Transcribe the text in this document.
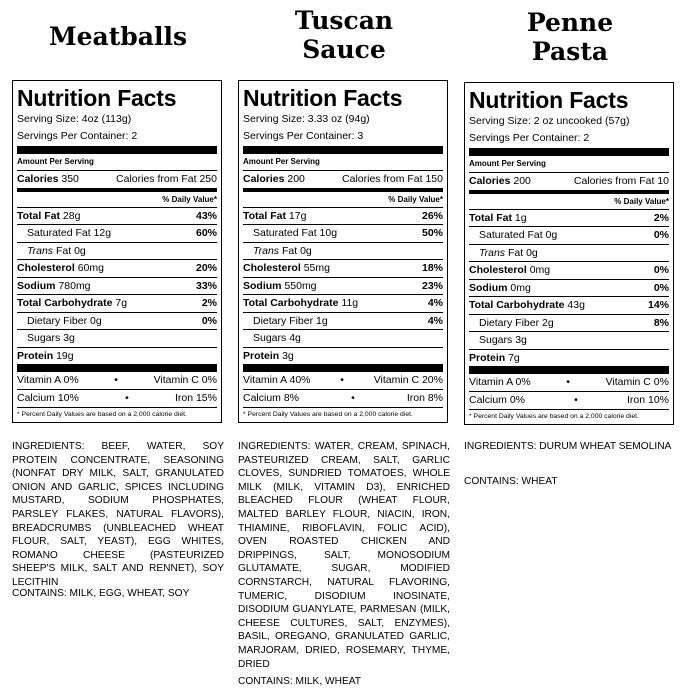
Meatballs
Nutrition Facts
Serving Size: 4oz (113g)
Servings Per Container: 2
Amount Per Serving
Calories 350	Calories from Fat 250
% Daily Value*
Total Fat 28g	43%
Saturated Fat 12g	60%
Trans Fat 0g
Cholesterol 60mg	20%
Sodium 780mg	33%
Total Carbohydrate 7g	2%
Dietary Fiber 0g	0%
Sugars 3g
Protein 19g
Vitamin A 0%	•	Vitamin C 0%
Calcium 10%	•	Iron 15%
* Percent Daily Values are based on a 2,000 calorie diet.
INGREDIENTS: BEEF, WATER, SOY PROTEIN CONCENTRATE, SEASONING (NONFAT DRY MILK, SALT, GRANULATED ONION AND GARLIC, SPICES INCLUDING MUSTARD, SODIUM PHOSPHATES, PARSLEY FLAKES, NATURAL FLAVORS), BREADCRUMBS (UNBLEACHED WHEAT FLOUR, SALT, YEAST), EGG WHITES, ROMANO CHEESE (PASTEURIZED SHEEP'S MILK, SALT AND RENNET), SOY LECITHIN
CONTAINS: MILK, EGG, WHEAT, SOY
Tuscan
Sauce
Nutrition Facts
Serving Size: 3.33 oz (94g)
Servings Per Container: 3
Amount Per Serving
Calories 200	Calories from Fat 150
% Daily Value*
Total Fat 17g	26%
Saturated Fat 10g	50%
Trans Fat 0g
Cholesterol 55mg	18%
Sodium 550mg	23%
Total Carbohydrate 11g	4%
Dietary Fiber 1g	4%
Sugars 4g
Protein 3g
Vitamin A 40%	•	Vitamin C 20%
Calcium 8%	•	Iron 8%
* Percent Daily Values are based on a 2,000 calorie diet.
INGREDIENTS: WATER, CREAM, SPINACH, PASTEURIZED CREAM, SALT, GARLIC CLOVES, SUNDRIED TOMATOES, WHOLE MILK (MILK, VITAMIN D3), ENRICHED BLEACHED FLOUR (WHEAT FLOUR, MALTED BARLEY FLOUR, NIACIN, IRON, THIAMINE, RIBOFLAVIN, FOLIC ACID), OVEN ROASTED CHICKEN AND DRIPPINGS, SALT, MONOSODIUM GLUTAMATE, SUGAR, MODIFIED CORNSTARCH, NATURAL FLAVORING, TUMERIC, DISODIUM INOSINATE, DISODIUM GUANYLATE, PARMESAN (MILK, CHEESE CULTURES, SALT, ENZYMES), BASIL, OREGANO, GRANULATED GARLIC, MARJORAM, DRIED, ROSEMARY, THYME, DRIED
CONTAINS: MILK, WHEAT
Penne
Pasta
Nutrition Facts
Serving Size: 2 oz uncooked (57g)
Servings Per Container: 2
Amount Per Serving
Calories 200	Calories from Fat 10
% Daily Value*
Total Fat 1g	2%
Saturated Fat 0g	0%
Trans Fat 0g
Cholesterol 0mg	0%
Sodium 0mg	0%
Total Carbohydrate 43g	14%
Dietary Fiber 2g	8%
Sugars 3g
Protein 7g
Vitamin A 0%	•	Vitamin C 0%
Calcium 0%	•	Iron 10%
* Percent Daily Values are based on a 2,000 calorie diet.
INGREDIENTS: DURUM WHEAT SEMOLINA
CONTAINS: WHEAT
